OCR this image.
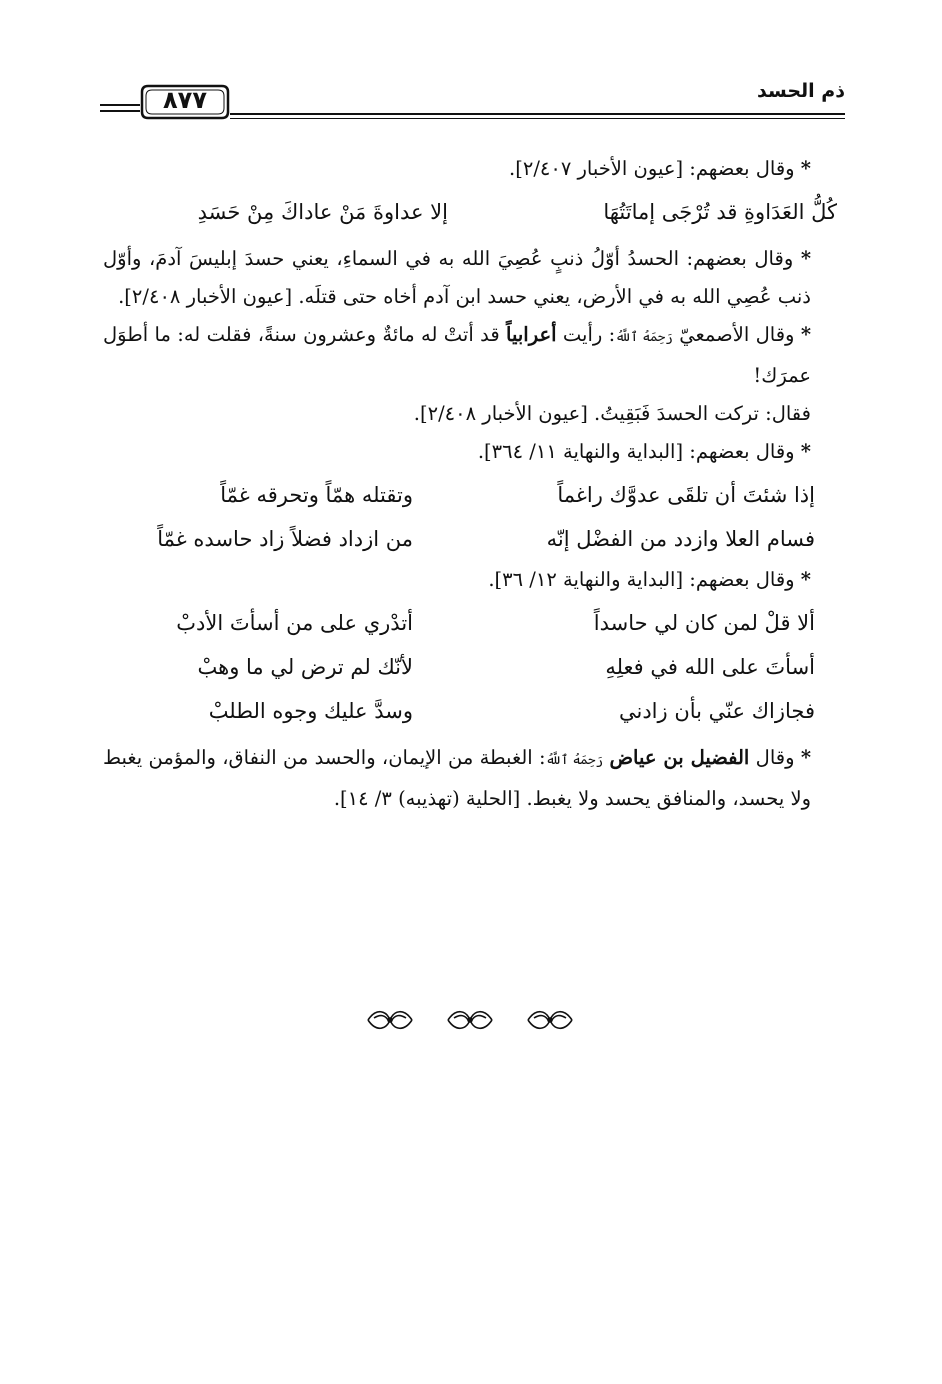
ذم الحسد
٨٧٧

* وقال بعضهم: [عيون الأخبار ٢/٤٠٧].

كُلُّ العَدَاوةِ قد تُرْجَى إماتَتُهَا
إلا عداوةَ مَنْ عاداكَ مِنْ حَسَدِ

* وقال بعضهم: الحسدُ أوّلُ ذنبٍ عُصِيَ الله به في السماءِ، يعني حسدَ إبليسَ آدمَ، وأوّل ذنب عُصِي الله به في الأرض، يعني حسد ابن آدم أخاه حتى قتلَه. [عيون الأخبار ٢/٤٠٨].

* وقال الأصمعيّ رَحِمَهُ ٱللَّهُ: رأيت أعرابياً قد أتتْ له مائةٌ وعشرون سنةً، فقلت له: ما أطوَل عمرَك!

فقال: تركت الحسدَ فَبَقِيتُ. [عيون الأخبار ٢/٤٠٨].

* وقال بعضهم: [البداية والنهاية ١١/ ٣٦٤].

إذا شئتَ أن تلقَى عدوَّك راغماً
وتقتله همّاً وتحرقه غمّاً
فسام العلا وازدد من الفضْل إنّه
من ازداد فضلاً زاد حاسده غمّاً

* وقال بعضهم: [البداية والنهاية ١٢/ ٣٦].

ألا قلْ لمن كان لي حاسداً
أتدْري على من أسأتَ الأدبْ
أسأتَ على الله في فعلِهِ
لأنّك لم ترض لي ما وهبْ
فجازاك عنّي بأن زادني
وسدَّ عليك وجوه الطلبْ

* وقال الفضيل بن عياض رَحِمَهُ ٱللَّهُ: الغبطة من الإيمان، والحسد من النفاق، والمؤمن يغبط ولا يحسد، والمنافق يحسد ولا يغبط. [الحلية (تهذيبه) ٣/ ١٤].
